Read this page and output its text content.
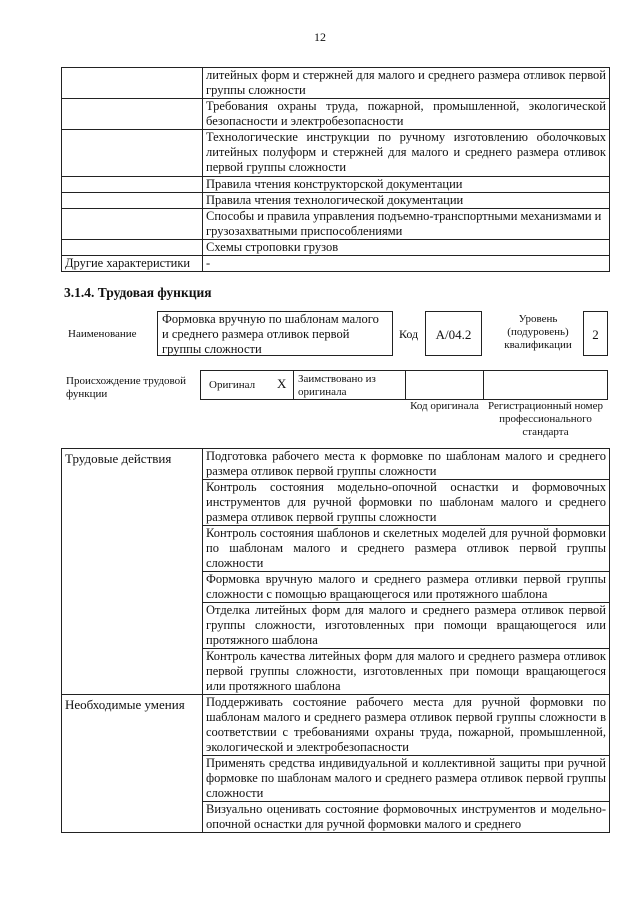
12
	литейных форм и стержней для малого и среднего размера отливок первой группы сложности
	Требования охраны труда, пожарной, промышленной, экологической безопасности и электробезопасности
	Технологические инструкции по ручному изготовлению оболочковых литейных полуформ и стержней для малого и среднего размера отливок первой группы сложности
	Правила чтения конструкторской документации
	Правила чтения технологической документации
	Способы и правила управления подъемно-транспортными механизмами и грузозахватными приспособлениями
	Схемы строповки грузов
Другие характеристики	-
3.1.4. Трудовая функция
Наименование
Формовка вручную по шаблонам малого и среднего размера отливок первой группы сложности
Код	A/04.2
Уровень (подуровень) квалификации
2
Происхождение трудовой функции
Оригинал X Заимствовано из оригинала
Код оригинала Регистрационный номер профессионального стандарта
Трудовые действия	Подготовка рабочего места к формовке по шаблонам малого и среднего размера отливок первой группы сложности
	Контроль состояния модельно-опочной оснастки и формовочных инструментов для ручной формовки по шаблонам малого и среднего размера отливок первой группы сложности
	Контроль состояния шаблонов и скелетных моделей для ручной формовки по шаблонам малого и среднего размера отливок первой группы сложности
	Формовка вручную малого и среднего размера отливки первой группы сложности с помощью вращающегося или протяжного шаблона
	Отделка литейных форм для малого и среднего размера отливок первой группы сложности, изготовленных при помощи вращающегося или протяжного шаблона
	Контроль качества литейных форм для малого и среднего размера отливок первой группы сложности, изготовленных при помощи вращающегося или протяжного шаблона
Необходимые умения	Поддерживать состояние рабочего места для ручной формовки по шаблонам малого и среднего размера отливок первой группы сложности в соответствии с требованиями охраны труда, пожарной, промышленной, экологической и электробезопасности
	Применять средства индивидуальной и коллективной защиты при ручной формовке по шаблонам малого и среднего размера отливок первой группы сложности
	Визуально оценивать состояние формовочных инструментов и модельно-опочной оснастки для ручной формовки малого и среднего
